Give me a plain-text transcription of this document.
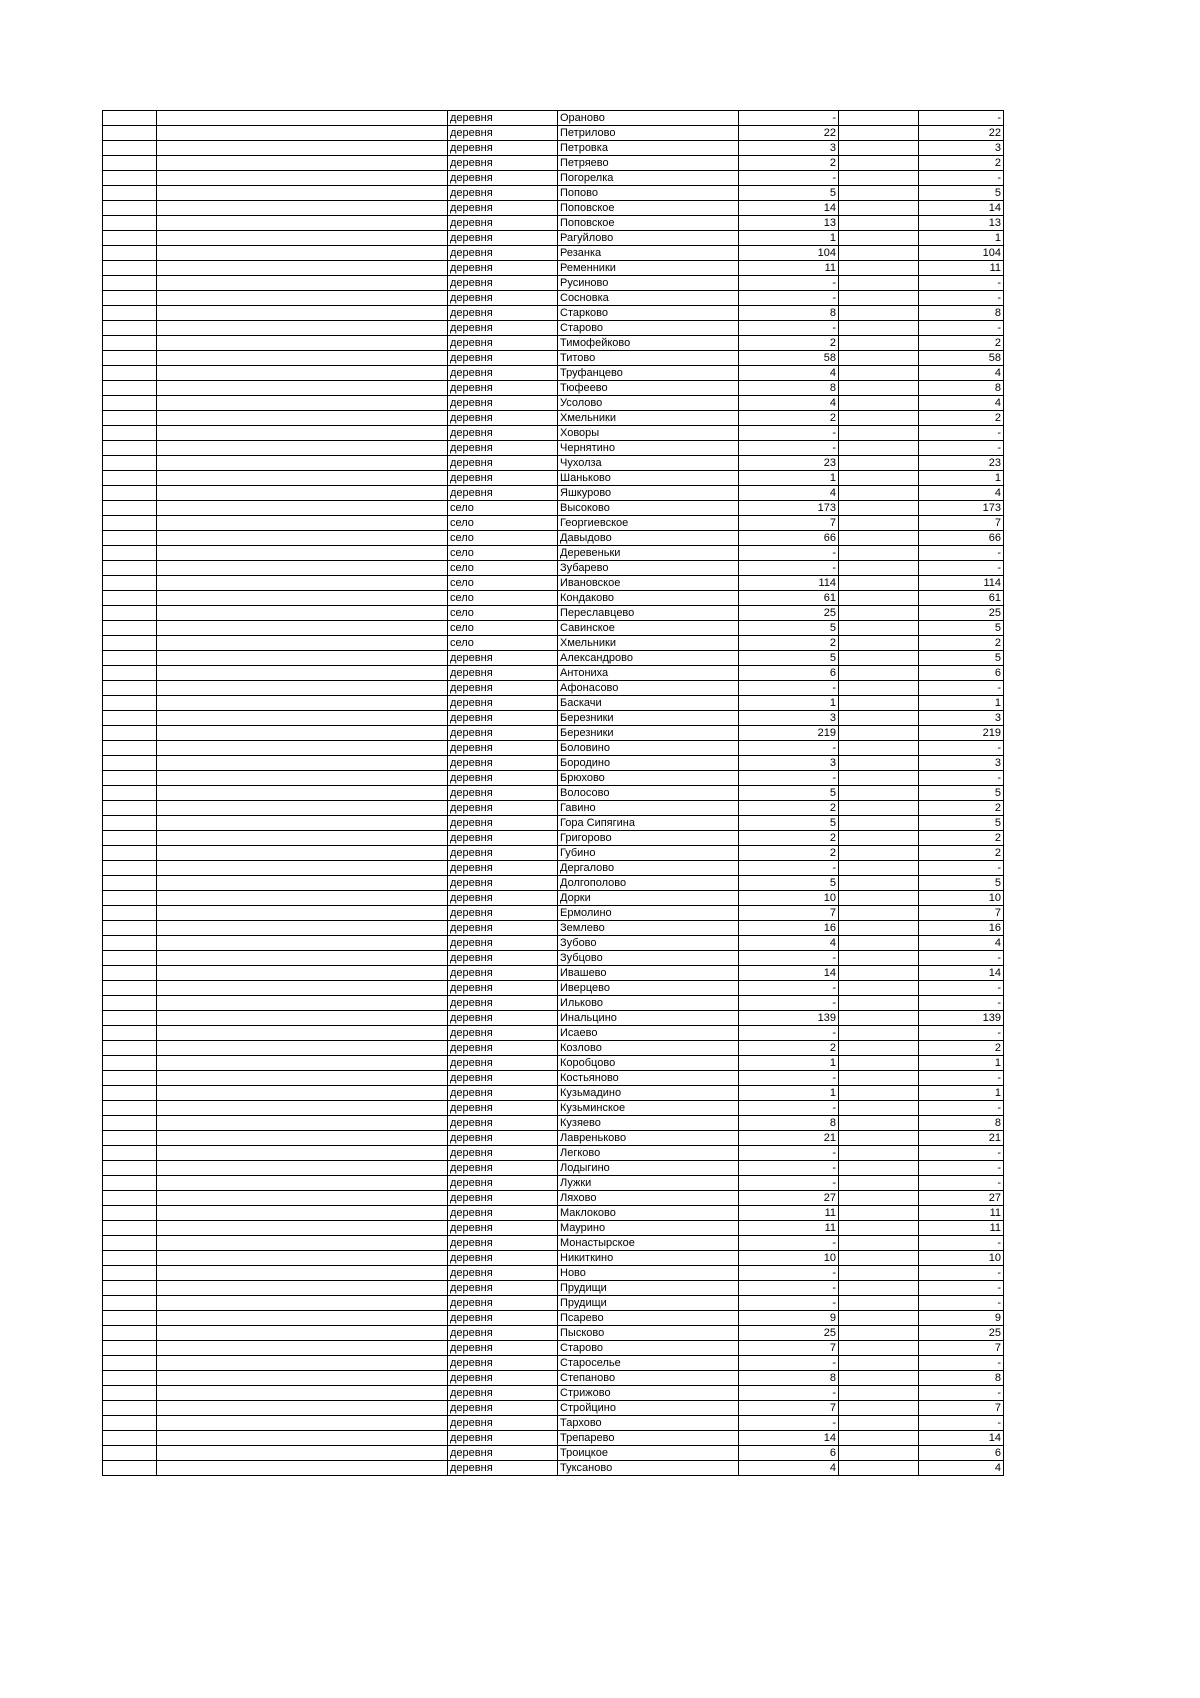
		деревня	Ораново	-		-
		деревня	Петрилово	22		22
		деревня	Петровка	3		3
		деревня	Петряево	2		2
		деревня	Погорелка	-		-
		деревня	Попово	5		5
		деревня	Поповское	14		14
		деревня	Поповское	13		13
		деревня	Рагуйлово	1		1
		деревня	Резанка	104		104
		деревня	Ременники	11		11
		деревня	Русиново	-		-
		деревня	Сосновка	-		-
		деревня	Старково	8		8
		деревня	Старово	-		-
		деревня	Тимофейково	2		2
		деревня	Титово	58		58
		деревня	Труфанцево	4		4
		деревня	Тюфеево	8		8
		деревня	Усолово	4		4
		деревня	Хмельники	2		2
		деревня	Ховоры	-		-
		деревня	Чернятино	-		-
		деревня	Чухолза	23		23
		деревня	Шаньково	1		1
		деревня	Яшкурово	4		4
		село	Высоково	173		173
		село	Георгиевское	7		7
		село	Давыдово	66		66
		село	Деревеньки	-		-
		село	Зубарево	-		-
		село	Ивановское	114		114
		село	Кондаково	61		61
		село	Переславцево	25		25
		село	Савинское	5		5
		село	Хмельники	2		2
		деревня	Александрово	5		5
		деревня	Антониха	6		6
		деревня	Афонасово	-		-
		деревня	Баскачи	1		1
		деревня	Березники	3		3
		деревня	Березники	219		219
		деревня	Боловино	-		-
		деревня	Бородино	3		3
		деревня	Брюхово	-		-
		деревня	Волосово	5		5
		деревня	Гавино	2		2
		деревня	Гора Сипягина	5		5
		деревня	Григорово	2		2
		деревня	Губино	2		2
		деревня	Дергалово	-		-
		деревня	Долгополово	5		5
		деревня	Дорки	10		10
		деревня	Ермолино	7		7
		деревня	Землево	16		16
		деревня	Зубово	4		4
		деревня	Зубцово	-		-
		деревня	Ивашево	14		14
		деревня	Иверцево	-		-
		деревня	Ильково	-		-
		деревня	Инальцино	139		139
		деревня	Исаево	-		-
		деревня	Козлово	2		2
		деревня	Коробцово	1		1
		деревня	Костьяново	-		-
		деревня	Кузьмадино	1		1
		деревня	Кузьминское	-		-
		деревня	Кузяево	8		8
		деревня	Лавреньково	21		21
		деревня	Легково	-		-
		деревня	Лодыгино	-		-
		деревня	Лужки	-		-
		деревня	Ляхово	27		27
		деревня	Маклоково	11		11
		деревня	Маурино	11		11
		деревня	Монастырское	-		-
		деревня	Никиткино	10		10
		деревня	Ново	-		-
		деревня	Прудищи	-		-
		деревня	Прудищи	-		-
		деревня	Псарево	9		9
		деревня	Пысково	25		25
		деревня	Старово	7		7
		деревня	Староселье	-		-
		деревня	Степаново	8		8
		деревня	Стрижово	-		-
		деревня	Стройцино	7		7
		деревня	Тархово	-		-
		деревня	Трепарево	14		14
		деревня	Троицкое	6		6
		деревня	Туксаново	4		4
